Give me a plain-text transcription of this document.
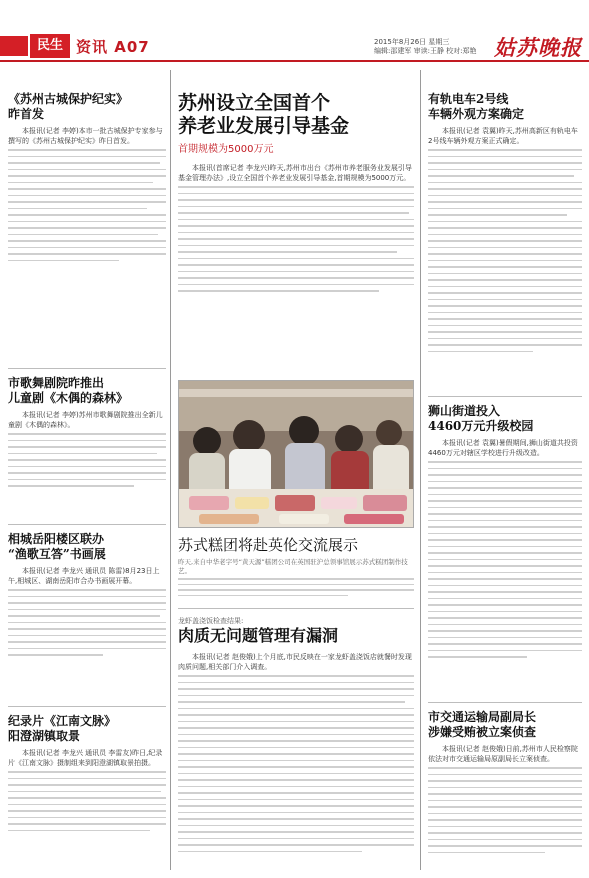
民生 资讯 A07	2015年8月26日 星期三
编辑:邵建军 审读:王静 校对:郑艳 姑苏晚报
《苏州古城保护纪实》
昨首发
本报讯(记者 李婷)本市一批古城保护专家参与撰写的《苏州古城保护纪实》昨日首发。
市歌舞剧院昨推出
儿童剧《木偶的森林》
本报讯(记者 李婷)苏州市歌舞剧院推出全新儿童剧《木偶的森林》。
相城岳阳楼区联办
“渔歌互答”书画展
本报讯(记者 李龙兴 通讯员 陈雷)8月23日上午,相城区、湖南岳阳市合办书画展开幕。
纪录片《江南文脉》
阳澄湖镇取景
本报讯(记者 李龙兴 通讯员 李雷友)昨日,纪录片《江南文脉》摄制组来到阳澄湖镇取景拍摄。
苏州设立全国首个
养老业发展引导基金
首期规模为5000万元
本报讯(首席记者 李龙兴)昨天,苏州市出台《苏州市养老服务业发展引导基金管理办法》,设立全国首个养老业发展引导基金,首期规模为5000万元。
苏式糕团将赴英伦交流展示
昨天,来自中华老字号“黄天源”糕团公司在英国驻沪总领事馆展示苏式糕团制作技艺。
龙虾盖浇饭检查结果:
肉质无问题管理有漏洞
本报讯(记者 赵俊娥)上个月底,市民反映在一家龙虾盖浇饭店就餐时发现肉质问题,相关部门介入调查。
有轨电车2号线
车辆外观方案确定
本报讯(记者 袁翼)昨天,苏州高新区有轨电车2号线车辆外观方案正式确定。
狮山街道投入
4460万元升级校园
本报讯(记者 袁翼)暑假期间,狮山街道共投资4460万元对辖区学校进行升级改造。
市交通运输局副局长
涉嫌受贿被立案侦查
本报讯(记者 赵俊娥)日前,苏州市人民检察院依法对市交通运输局原副局长立案侦查。
